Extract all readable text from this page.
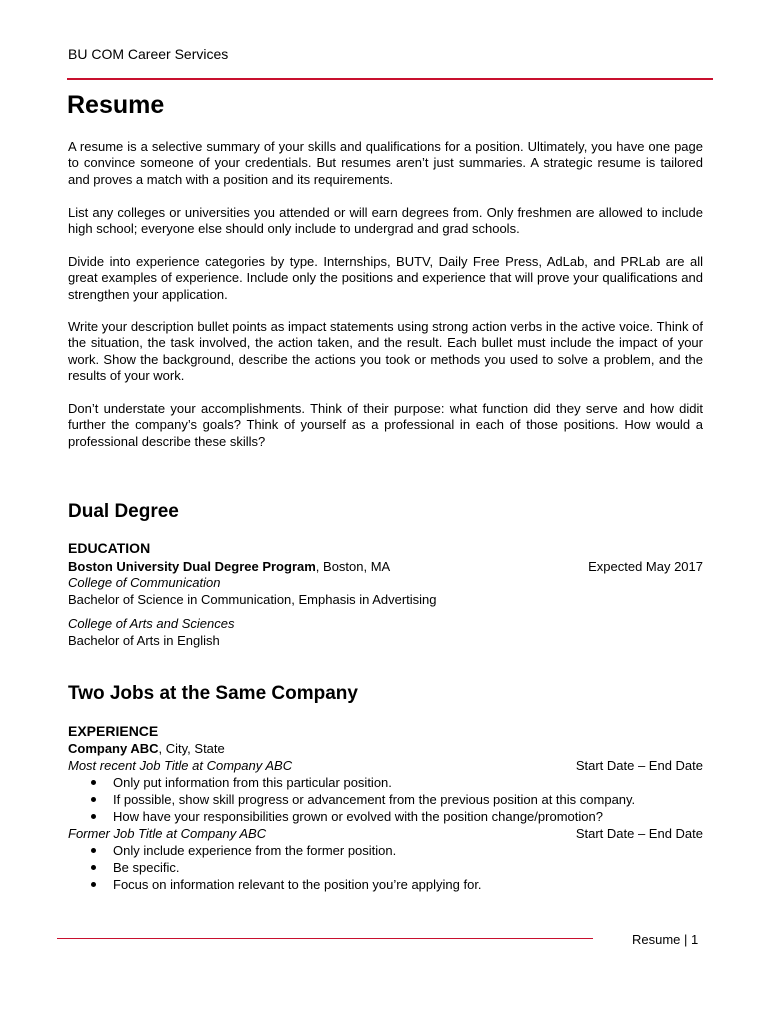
BU COM Career Services
Resume
A resume is a selective summary of your skills and qualifications for a position. Ultimately, you have one page to convince someone of your credentials. But resumes aren’t just summaries. A strategic resume is tailored and proves a match with a position and its requirements.
List any colleges or universities you attended or will earn degrees from. Only freshmen are allowed to include high school; everyone else should only include to undergrad and grad schools.
Divide into experience categories by type. Internships, BUTV, Daily Free Press, AdLab, and PRLab are all great examples of experience. Include only the positions and experience that will prove your qualifications and strengthen your application.
Write your description bullet points as impact statements using strong action verbs in the active voice. Think of the situation, the task involved, the action taken, and the result. Each bullet must include the impact of your work. Show the background, describe the actions you took or methods you used to solve a problem, and the results of your work.
Don’t understate your accomplishments. Think of their purpose: what function did they serve and how didit further the company’s goals? Think of yourself as a professional in each of those positions. How would a professional describe these skills?
Dual Degree
EDUCATION
Boston University Dual Degree Program, Boston, MA	Expected May 2017
College of Communication
Bachelor of Science in Communication, Emphasis in Advertising
College of Arts and Sciences
Bachelor of Arts in English
Two Jobs at the Same Company
EXPERIENCE
Company ABC, City, State
Most recent Job Title at Company ABC	Start Date – End Date
Only put information from this particular position.
If possible, show skill progress or advancement from the previous position at this company.
How have your responsibilities grown or evolved with the position change/promotion?
Former Job Title at Company ABC	Start Date – End Date
Only include experience from the former position.
Be specific.
Focus on information relevant to the position you’re applying for.
Resume | 1
